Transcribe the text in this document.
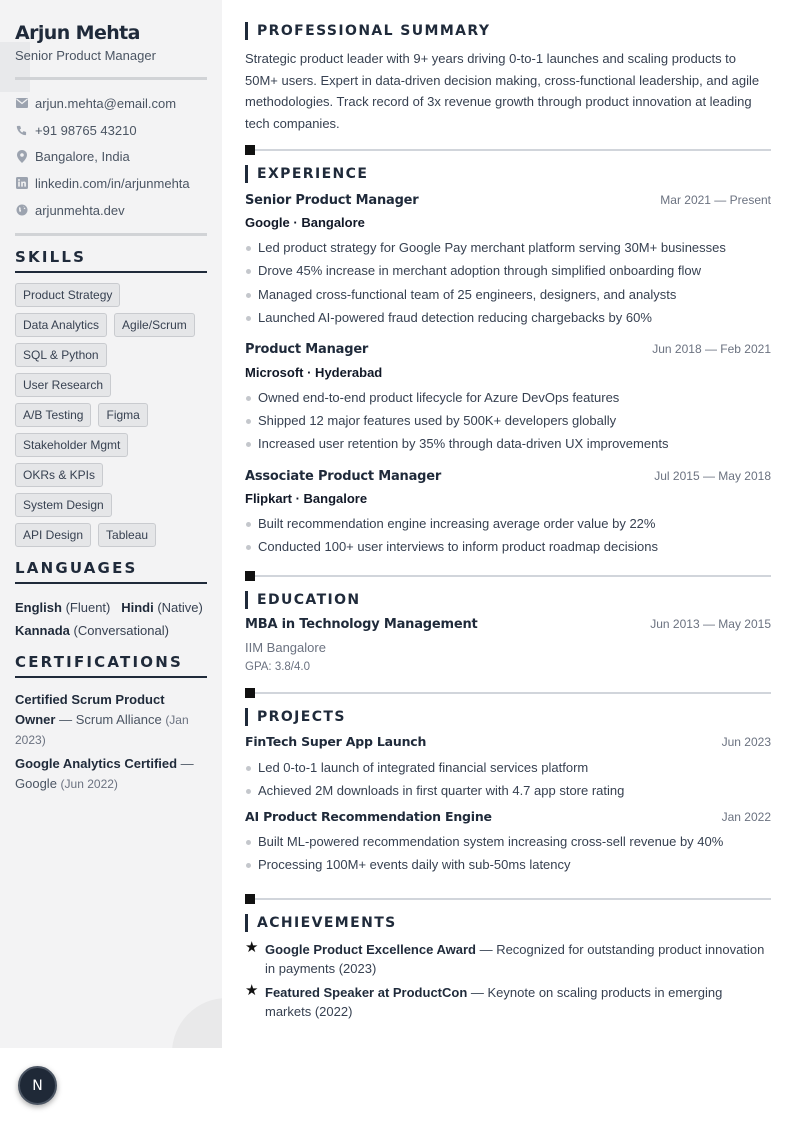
Arjun Mehta
Senior Product Manager
arjun.mehta@email.com
+91 98765 43210
Bangalore, India
linkedin.com/in/arjunmehta
arjunmehta.dev
SKILLS
Product Strategy
Data Analytics	Agile/Scrum
SQL & Python
User Research
A/B Testing	Figma
Stakeholder Mgmt
OKRs & KPIs
System Design
API Design	Tableau
LANGUAGES
English (Fluent) Hindi (Native)
Kannada (Conversational)
CERTIFICATIONS
Certified Scrum Product Owner — Scrum Alliance (Jan 2023)
Google Analytics Certified — Google (Jun 2022)
N
PROFESSIONAL SUMMARY

Strategic product leader with 9+ years driving 0-to-1 launches and scaling products to 50M+ users. Expert in data-driven decision making, cross-functional leadership, and agile methodologies. Track record of 3x revenue growth through product innovation at leading tech companies.

EXPERIENCE
Senior Product Manager	Mar 2021 — Present
Google · Bangalore
Led product strategy for Google Pay merchant platform serving 30M+ businesses
Drove 45% increase in merchant adoption through simplified onboarding flow
Managed cross-functional team of 25 engineers, designers, and analysts
Launched AI-powered fraud detection reducing chargebacks by 60%
Product Manager	Jun 2018 — Feb 2021
Microsoft · Hyderabad
Owned end-to-end product lifecycle for Azure DevOps features
Shipped 12 major features used by 500K+ developers globally
Increased user retention by 35% through data-driven UX improvements
Associate Product Manager	Jul 2015 — May 2018
Flipkart · Bangalore
Built recommendation engine increasing average order value by 22%
Conducted 100+ user interviews to inform product roadmap decisions
EDUCATION
MBA in Technology Management	Jun 2013 — May 2015
IIM Bangalore
GPA: 3.8/4.0
PROJECTS
FinTech Super App Launch	Jun 2023
Led 0-to-1 launch of integrated financial services platform
Achieved 2M downloads in first quarter with 4.7 app store rating
AI Product Recommendation Engine	Jan 2022
Built ML-powered recommendation system increasing cross-sell revenue by 40%
Processing 100M+ events daily with sub-50ms latency
ACHIEVEMENTS
★ Google Product Excellence Award — Recognized for outstanding product innovation in payments (2023)
★ Featured Speaker at ProductCon — Keynote on scaling products in emerging markets (2022)
